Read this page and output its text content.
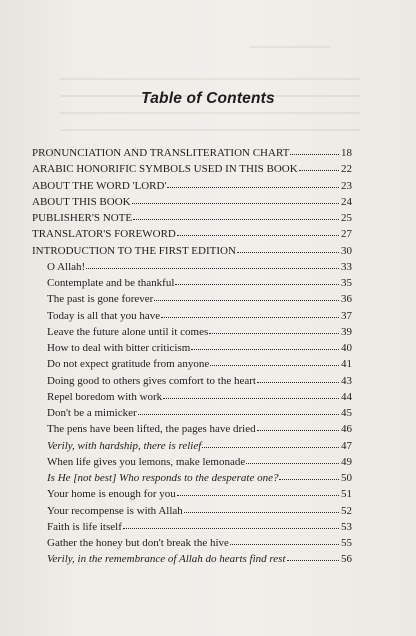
Table of Contents
PRONUNCIATION AND TRANSLITERATION CHART	18
ARABIC HONORIFIC SYMBOLS USED IN THIS BOOK	22
ABOUT THE WORD 'LORD'	23
ABOUT THIS BOOK	24
PUBLISHER'S NOTE	25
TRANSLATOR'S FOREWORD	27
INTRODUCTION TO THE FIRST EDITION	30
O Allah!	33
Contemplate and be thankful	35
The past is gone forever	36
Today is all that you have	37
Leave the future alone until it comes	39
How to deal with bitter criticism	40
Do not expect gratitude from anyone	41
Doing good to others gives comfort to the heart	43
Repel boredom with work	44
Don't be a mimicker	45
The pens have been lifted, the pages have dried	46
Verily, with hardship, there is relief	47
When life gives you lemons, make lemonade	49
Is He [not best] Who responds to the desperate one?	50
Your home is enough for you	51
Your recompense is with Allah	52
Faith is life itself	53
Gather the honey but don't break the hive	55
Verily, in the remembrance of Allah do hearts find rest	56
